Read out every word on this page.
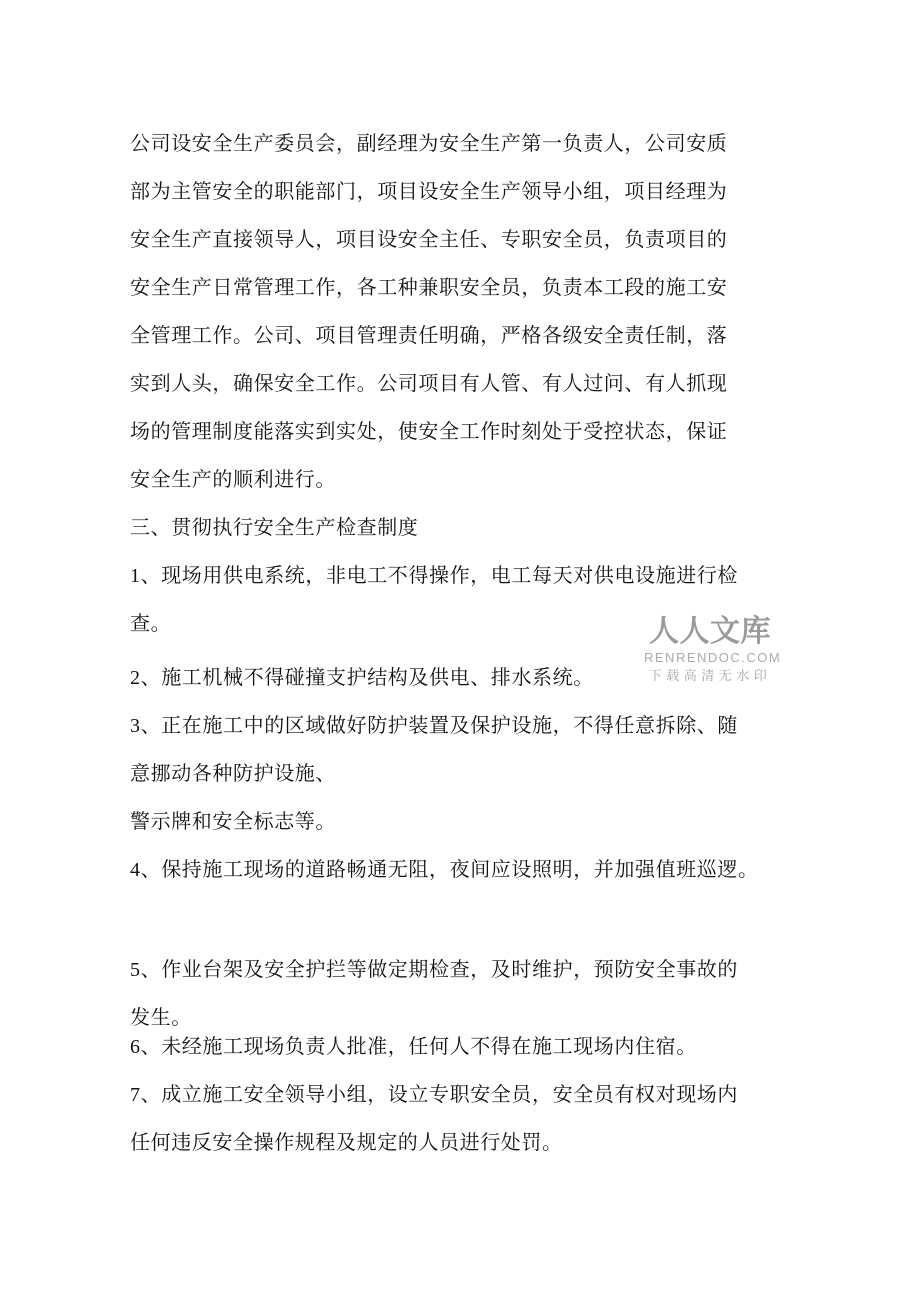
公司设安全生产委员会，副经理为安全生产第一负责人，公司安质

部为主管安全的职能部门，项目设安全生产领导小组，项目经理为

安全生产直接领导人，项目设安全主任、专职安全员，负责项目的

安全生产日常管理工作，各工种兼职安全员，负责本工段的施工安

全管理工作。公司、项目管理责任明确，严格各级安全责任制，落

实到人头，确保安全工作。公司项目有人管、有人过问、有人抓现

场的管理制度能落实到实处，使安全工作时刻处于受控状态，保证

安全生产的顺利进行。

三、贯彻执行安全生产检查制度

1、现场用供电系统，非电工不得操作，电工每天对供电设施进行检

查。

2、施工机械不得碰撞支护结构及供电、排水系统。

3、正在施工中的区域做好防护装置及保护设施，不得任意拆除、随

意挪动各种防护设施、

警示牌和安全标志等。

4、保持施工现场的道路畅通无阻，夜间应设照明，并加强值班巡逻。

5、作业台架及安全护拦等做定期检查，及时维护，预防安全事故的

发生。

6、未经施工现场负责人批准，任何人不得在施工现场内住宿。

7、成立施工安全领导小组，设立专职安全员，安全员有权对现场内

任何违反安全操作规程及规定的人员进行处罚。

人人文库
RENRENDOC.COM
下载高清无水印
